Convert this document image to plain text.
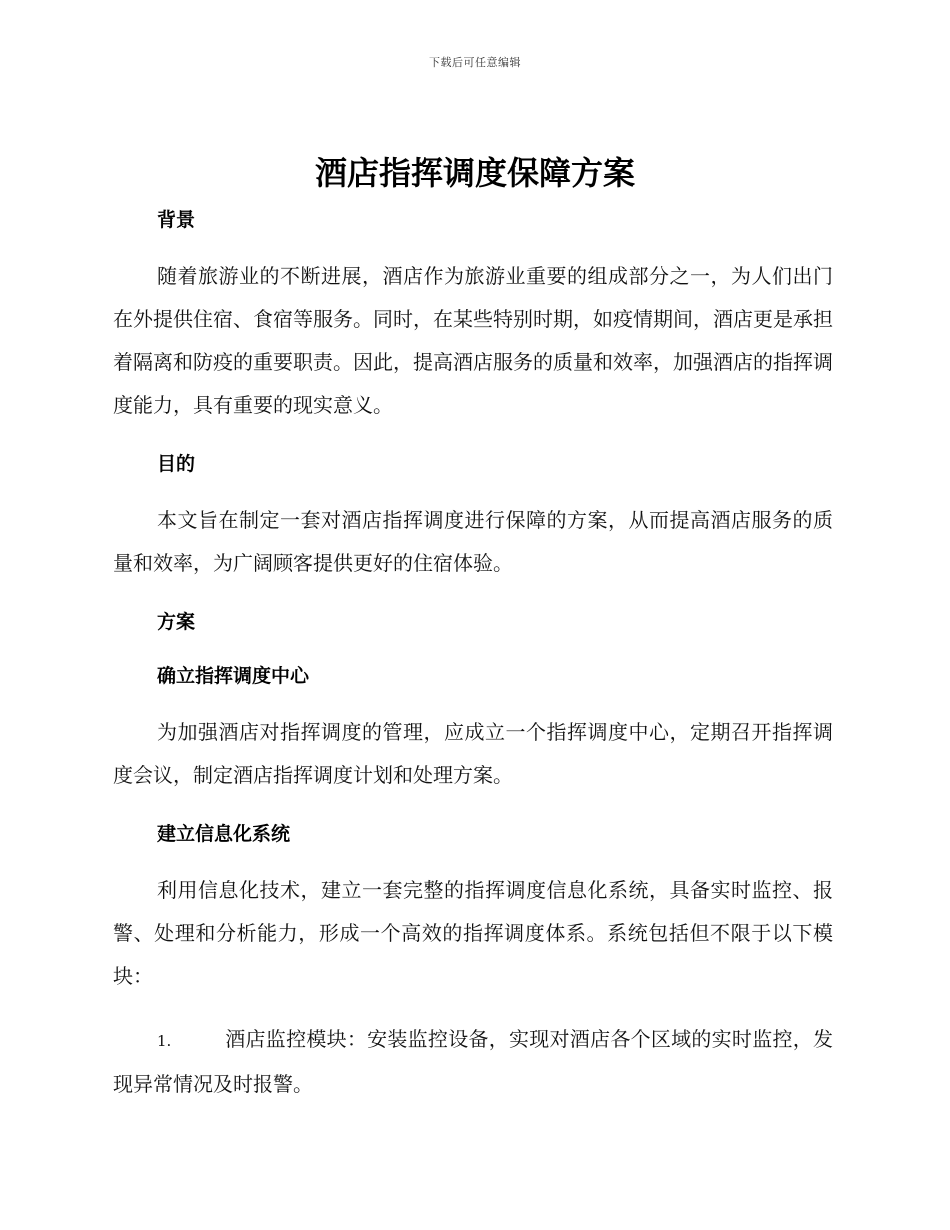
下载后可任意编辑
酒店指挥调度保障方案

背景

随着旅游业的不断进展，酒店作为旅游业重要的组成部分之一，为人们出门在外提供住宿、食宿等服务。同时，在某些特别时期，如疫情期间，酒店更是承担着隔离和防疫的重要职责。因此，提高酒店服务的质量和效率，加强酒店的指挥调度能力，具有重要的现实意义。

目的

本文旨在制定一套对酒店指挥调度进行保障的方案，从而提高酒店服务的质量和效率，为广阔顾客提供更好的住宿体验。

方案

确立指挥调度中心

为加强酒店对指挥调度的管理，应成立一个指挥调度中心，定期召开指挥调度会议，制定酒店指挥调度计划和处理方案。

建立信息化系统

利用信息化技术，建立一套完整的指挥调度信息化系统，具备实时监控、报警、处理和分析能力，形成一个高效的指挥调度体系。系统包括但不限于以下模块：

1.	酒店监控模块：安装监控设备，实现对酒店各个区域的实时监控，发现异常情况及时报警。
